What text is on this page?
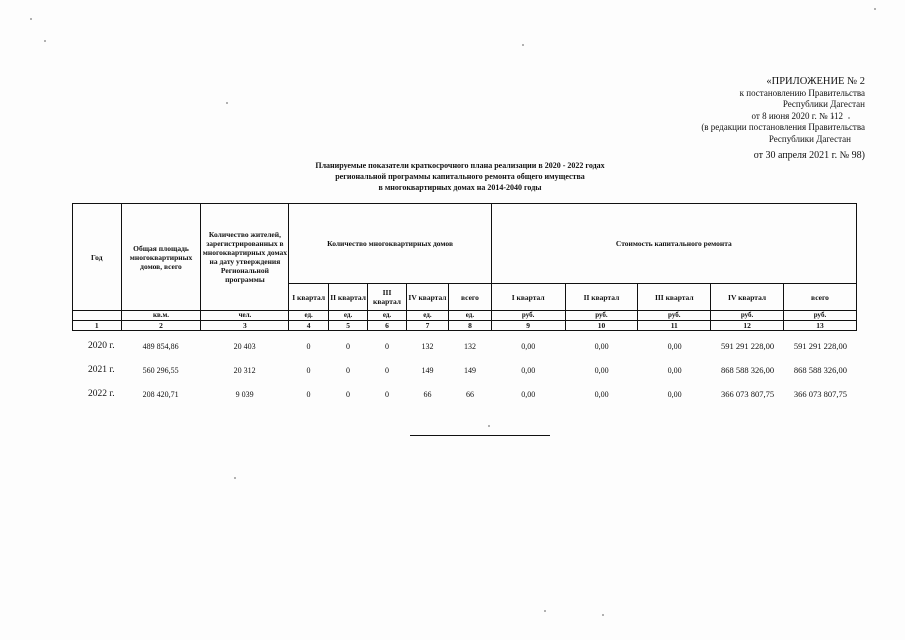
«ПРИЛОЖЕНИЕ № 2
к постановлению Правительства
Республики Дагестан
от 8 июня 2020 г. № 112
(в редакции постановления Правительства
Республики Дагестан
от 30 апреля 2021 г. № 98)
Планируемые показатели краткосрочного плана реализации в 2020 - 2022 годах
региональной программы капитального ремонта общего имущества
в многоквартирных домах на 2014-2040 годы
Год	Общая площадь многоквартирных домов, всего	Количество жителей, зарегистрированных в многоквартирных домах на дату утверждения Региональной программы	Количество многоквартирных домов					Стоимость капитального ремонта				
			I квартал	II квартал	III квартал	IV квартал	всего	I квартал	II квартал	III квартал	IV квартал	всего
	кв.м.	чел.	ед.	ед.	ед.	ед.	ед.	руб.	руб.	руб.	руб.	руб.
1	2	3	4	5	6	7	8	9	10	11	12	13
2020 г.	489 854,86	20 403	0	0	0	132	132	0,00	0,00	0,00	591 291 228,00	591 291 228,00
2021 г.	560 296,55	20 312	0	0	0	149	149	0,00	0,00	0,00	868 588 326,00	868 588 326,00
2022 г.	208 420,71	9 039	0	0	0	66	66	0,00	0,00	0,00	366 073 807,75	366 073 807,75
